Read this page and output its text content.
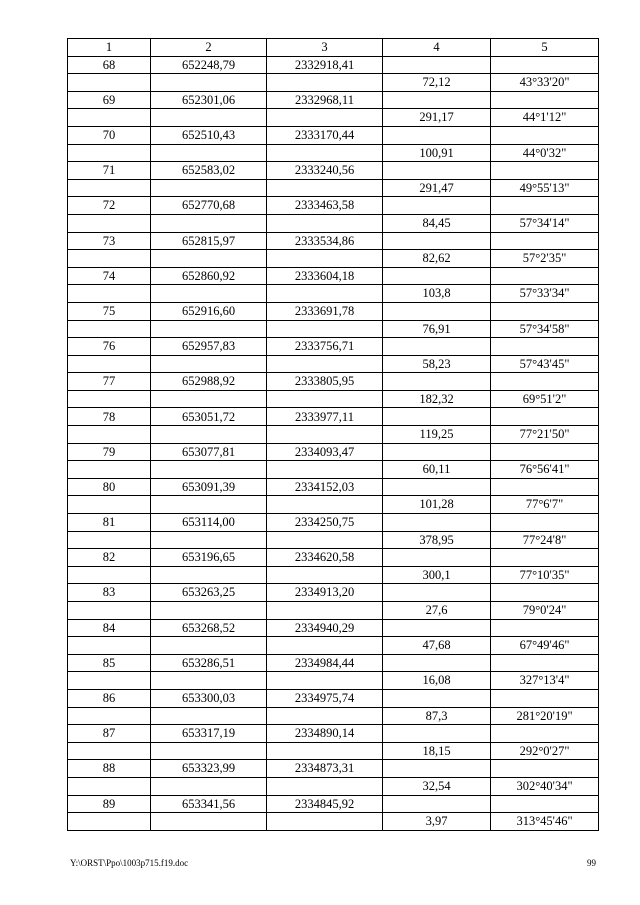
1	2	3	4	5
68	652248,79	2332918,41		
			72,12	43°33'20"
69	652301,06	2332968,11		
			291,17	44°1'12"
70	652510,43	2333170,44		
			100,91	44°0'32"
71	652583,02	2333240,56		
			291,47	49°55'13"
72	652770,68	2333463,58		
			84,45	57°34'14"
73	652815,97	2333534,86		
			82,62	57°2'35"
74	652860,92	2333604,18		
			103,8	57°33'34"
75	652916,60	2333691,78		
			76,91	57°34'58"
76	652957,83	2333756,71		
			58,23	57°43'45"
77	652988,92	2333805,95		
			182,32	69°51'2"
78	653051,72	2333977,11		
			119,25	77°21'50"
79	653077,81	2334093,47		
			60,11	76°56'41"
80	653091,39	2334152,03		
			101,28	77°6'7"
81	653114,00	2334250,75		
			378,95	77°24'8"
82	653196,65	2334620,58		
			300,1	77°10'35"
83	653263,25	2334913,20		
			27,6	79°0'24"
84	653268,52	2334940,29		
			47,68	67°49'46"
85	653286,51	2334984,44		
			16,08	327°13'4"
86	653300,03	2334975,74		
			87,3	281°20'19"
87	653317,19	2334890,14		
			18,15	292°0'27"
88	653323,99	2334873,31		
			32,54	302°40'34"
89	653341,56	2334845,92		
			3,97	313°45'46"
Y:\ORST\Ppo\1003p715.f19.doc	99
